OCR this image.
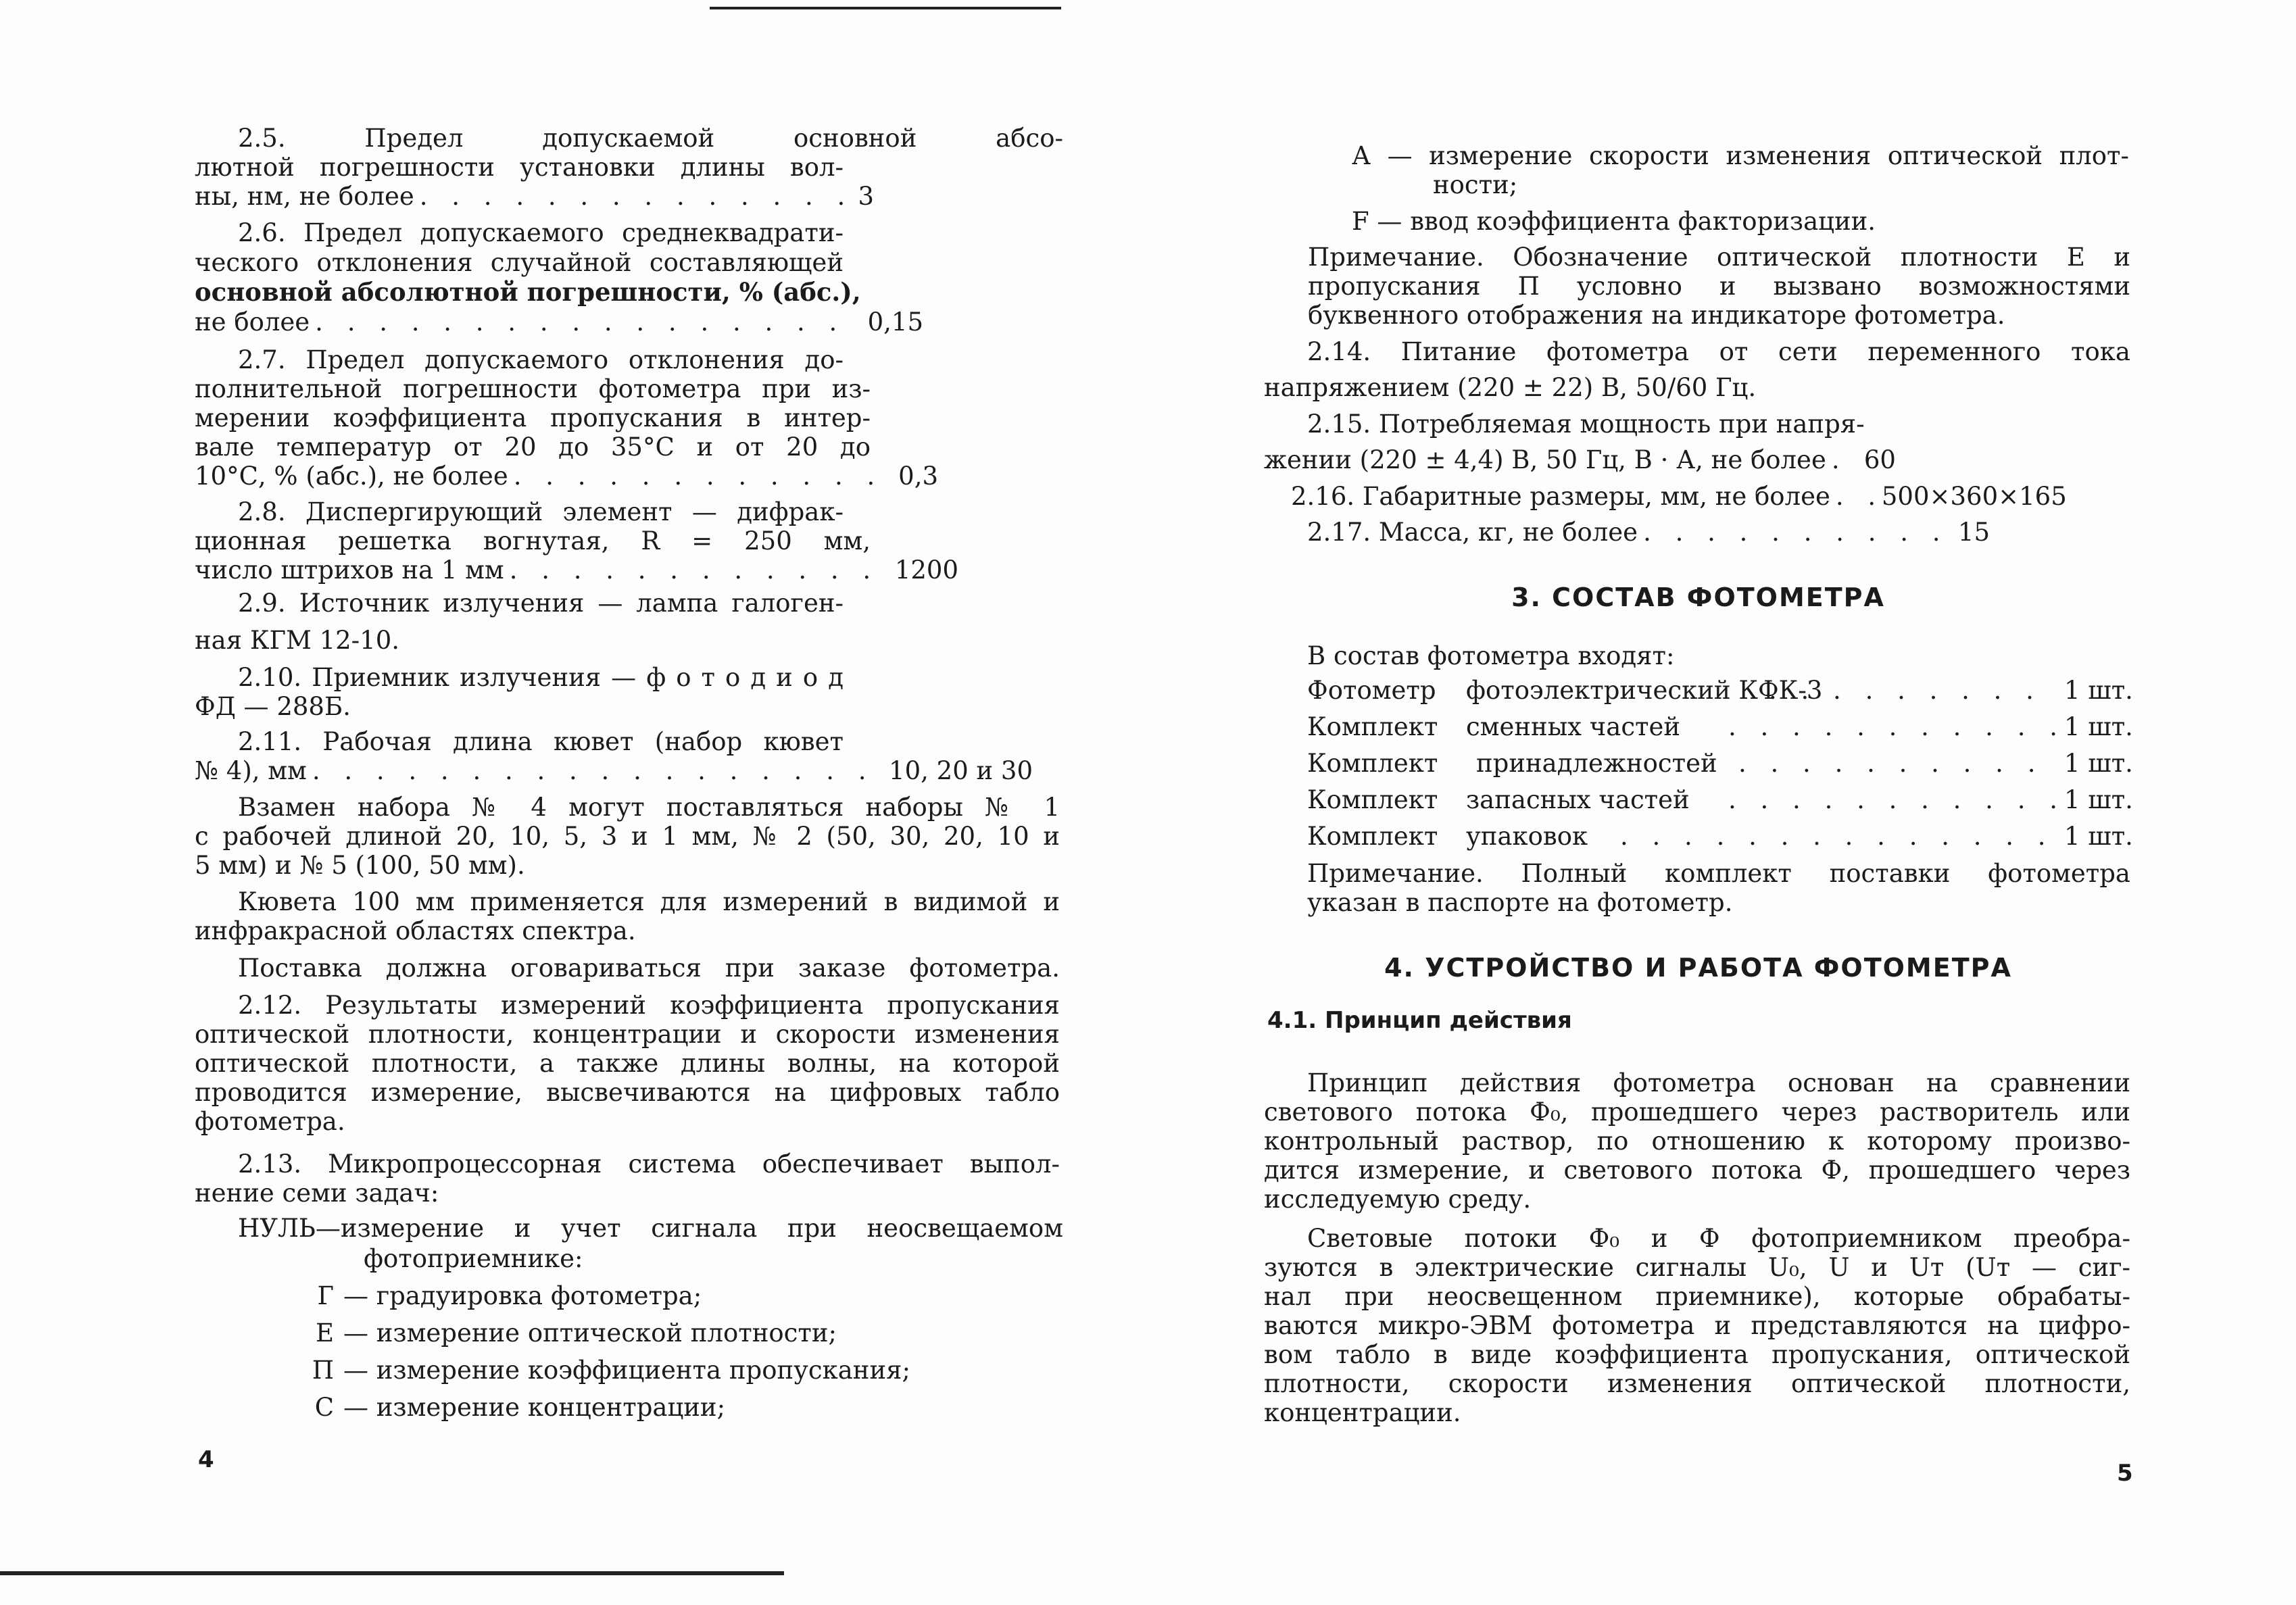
2.5. Предел допускаемой основной абсо-
лютной погрешности установки длины вол-
ны, нм, не более . . .	3
2.6. Предел допускаемого среднеквадрати-
ческого отклонения случайной составляющей
основной абсолютной погрешности, % (абс.),
не более . . .	0,15
2.7. Предел допускаемого отклонения до-
полнительной погрешности фотометра при из-
мерении коэффициента пропускания в интер-
вале температур от 20 до 35°С и от 20 до
10°С, % (абс.), не более . . .	0,3
2.8. Диспергирующий элемент — дифрак-
ционная решетка вогнутая, R = 250 мм,
число штрихов на 1 мм . . .	1200
2.9. Источник излучения — лампа галоген-
ная КГМ 12-10.
2.10. Приемник излучения — ф о т о д и о д
ФД — 288Б.
2.11. Рабочая длина кювет (набор кювет
№ 4), мм . . .	10, 20 и 30
Взамен набора № 4 могут поставляться наборы № 1
с рабочей длиной 20, 10, 5, 3 и 1 мм, № 2 (50, 30, 20, 10 и
5 мм) и № 5 (100, 50 мм).
Кювета 100 мм применяется для измерений в видимой и
инфракрасной областях спектра.
Поставка должна оговариваться при заказе фотометра.
2.12. Результаты измерений коэффициента пропускания
оптической плотности, концентрации и скорости изменения
оптической плотности, а также длины волны, на которой
проводится измерение, высвечиваются на цифровых табло
фотометра.
2.13. Микропроцессорная система обеспечивает выпол-
нение семи задач:
НУЛЬ —измерение и учет сигнала при неосвещаемом
фотоприемнике:
Г — градуировка фотометра;
Е — измерение оптической плотности;
П — измерение коэффициента пропускания;
С — измерение концентрации;
4
А — измерение скорости изменения оптической плот-
ности;
F — ввод коэффициента факторизации.
Примечание. Обозначение оптической плотности Е и
пропускания П условно и вызвано возможностями
буквенного отображения на индикаторе фотометра.
2.14. Питание фотометра от сети переменного тока
напряжением (220 ± 22) В, 50/60 Гц.
2.15. Потребляемая мощность при напря-
жении (220 ± 4,4) В, 50 Гц, В · А, не более . . . 60
2.16. Габаритные размеры, мм, не более . . . 500×360×165
2.17. Масса, кг, не более . . .	15
3. СОСТАВ ФОТОМЕТРА
В состав фотометра входят:
Фотометр	фотоэлектрический КФК-3 . . .	1 шт.
Комплект	сменных частей . . .	1 шт.
Комплект	принадлежностей . . .	1 шт.
Комплект	запасных частей . . .	1 шт.
Комплект	упаковок . . .	1 шт.
Примечание. Полный комплект поставки фотометра
указан в паспорте на фотометр.
4. УСТРОЙСТВО И РАБОТА ФОТОМЕТРА
4.1. Принцип действия
Принцип действия фотометра основан на сравнении
светового потока Ф₀, прошедшего через растворитель или
контрольный раствор, по отношению к которому произво-
дится измерение, и светового потока Ф, прошедшего через
исследуемую среду.
Световые потоки Ф₀ и Ф фотоприемником преобра-
зуются в электрические сигналы U₀, U и Uт (Uт — сиг-
нал при неосвещенном приемнике), которые обрабаты-
ваются микро-ЭВМ фотометра и представляются на цифро-
вом табло в виде коэффициента пропускания, оптической
плотности, скорости изменения оптической плотности,
концентрации.
5
